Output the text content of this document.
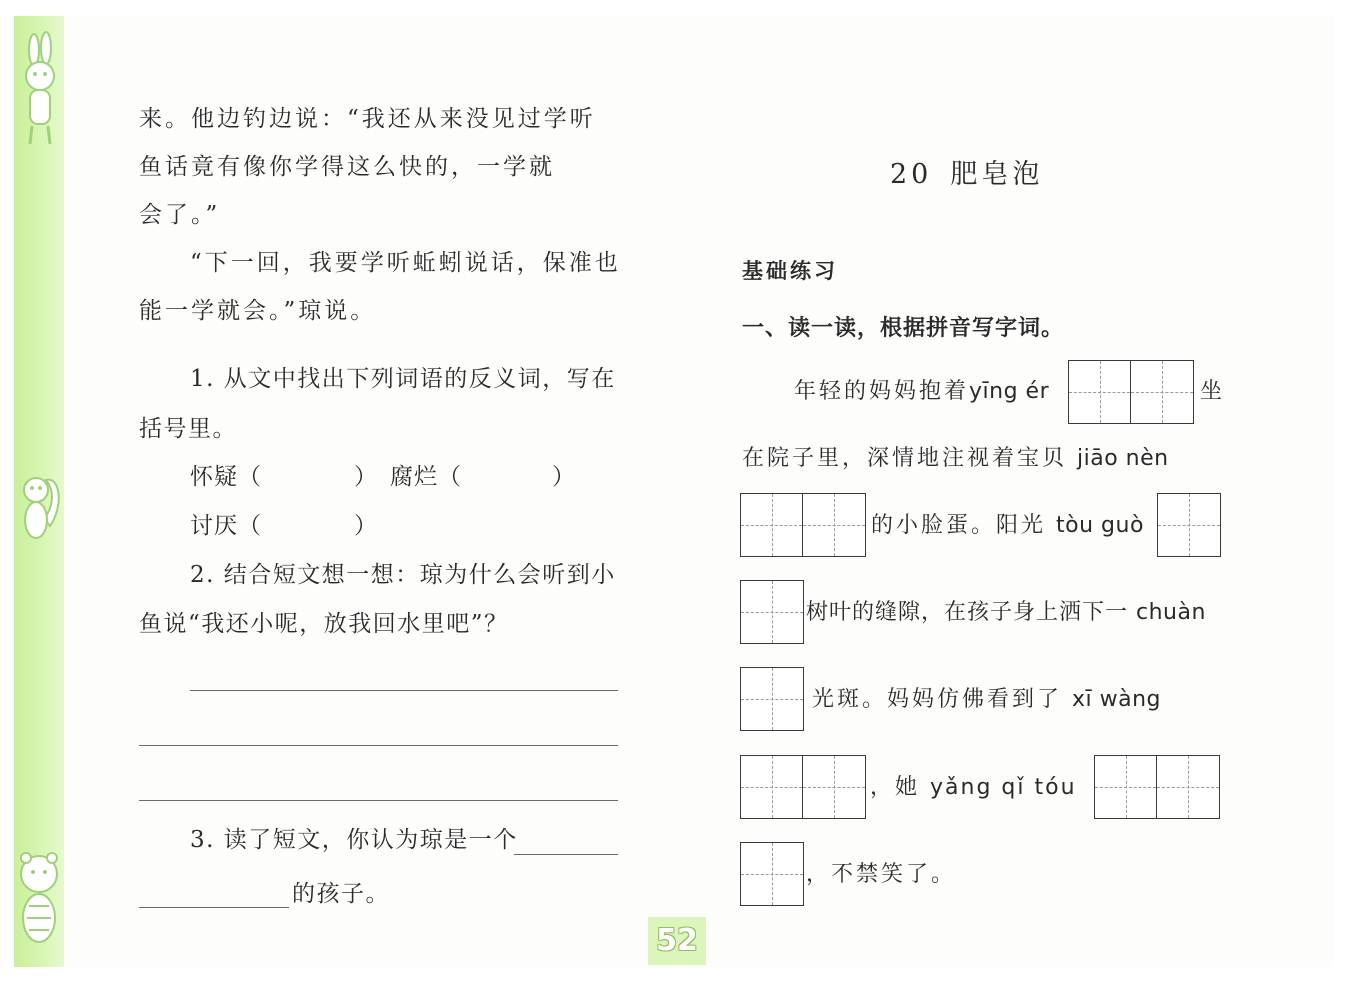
来。他边钓边说：“我还从来没见过学听
鱼话竟有像你学得这么快的，一学就
会了。”
“下一回，我要学听蚯蚓说话，保准也
能一学就会。”琼说。
1. 从文中找出下列词语的反义词，写在
括号里。
怀疑（	） 腐烂（	）
讨厌（	）
2. 结合短文想一想：琼为什么会听到小
鱼说“我还小呢，放我回水里吧”？
3. 读了短文，你认为琼是一个
的孩子。
20 肥皂泡
基础练习
一、读一读，根据拼音写字词。
年轻的妈妈抱着yīng ér	坐
在院子里，深情地注视着宝贝 jiāo nèn
的小脸蛋。阳光 tòu guò
树叶的缝隙，在孩子身上洒下一 chuàn
光斑。妈妈仿佛看到了 xī wàng
，她 yǎng qǐ tóu
，不禁笑了。
52
